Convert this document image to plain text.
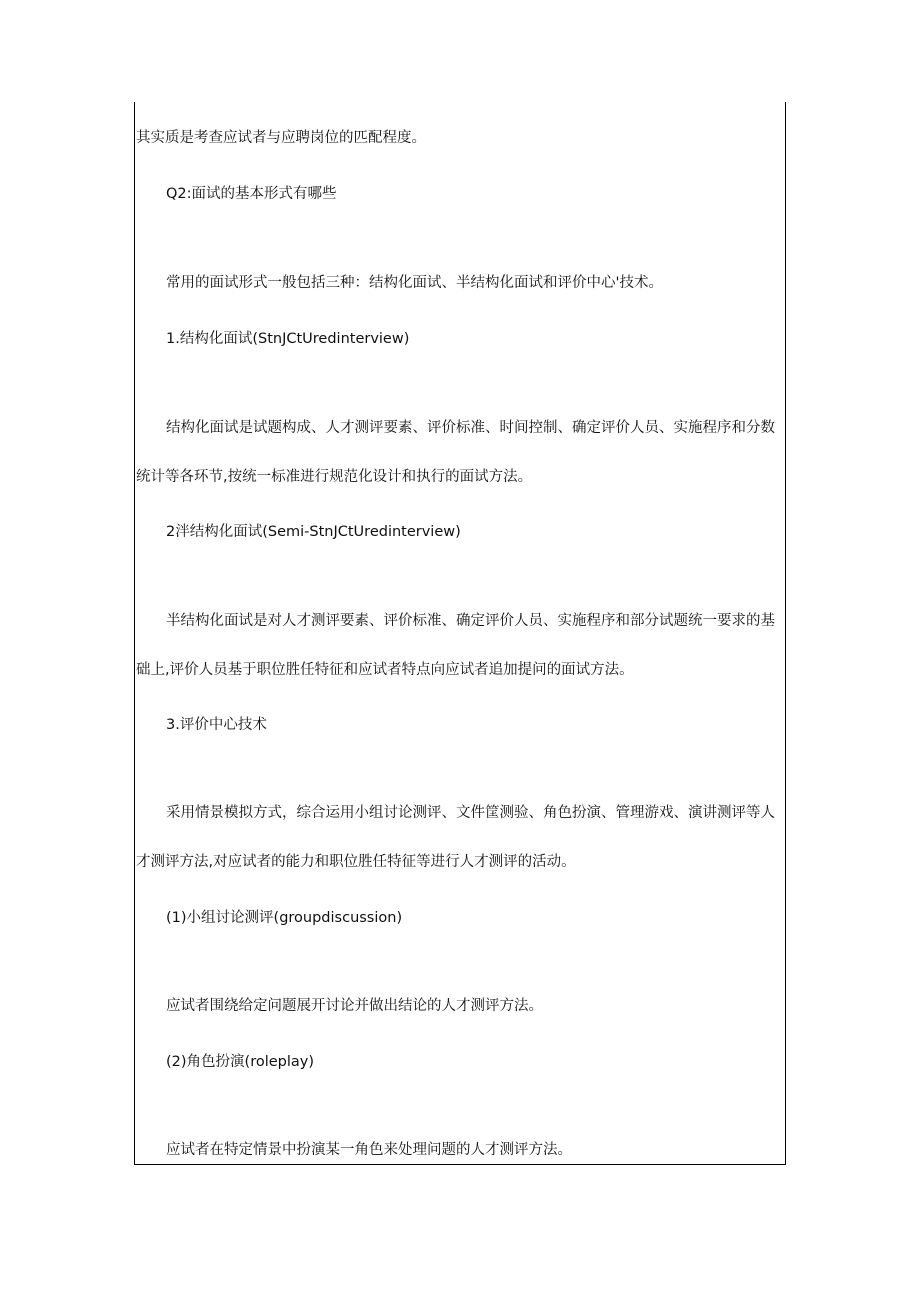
其实质是考查应试者与应聘岗位的匹配程度。
Q2:面试的基本形式有哪些
常用的面试形式一般包括三种：结构化面试、半结构化面试和评价中心'技术。
1.结构化面试(StnJCtUredinterview)
结构化面试是试题构成、人才测评要素、评价标准、时间控制、确定评价人员、实施程序和分数
统计等各环节,按统一标准进行规范化设计和执行的面试方法。
2泮结构化面试(Semi-StnJCtUredinterview)
半结构化面试是对人才测评要素、评价标准、确定评价人员、实施程序和部分试题统一要求的基
础上,评价人员基于职位胜任特征和应试者特点向应试者追加提问的面试方法。
3.评价中心技术
采用情景模拟方式，综合运用小组讨论测评、文件筐测验、角色扮演、管理游戏、演讲测评等人
才测评方法,对应试者的能力和职位胜任特征等进行人才测评的活动。
(1)小组讨论测评(groupdiscussion)
应试者围绕给定问题展开讨论并做出结论的人才测评方法。
(2)角色扮演(roleplay)
应试者在特定情景中扮演某一角色来处理问题的人才测评方法。
